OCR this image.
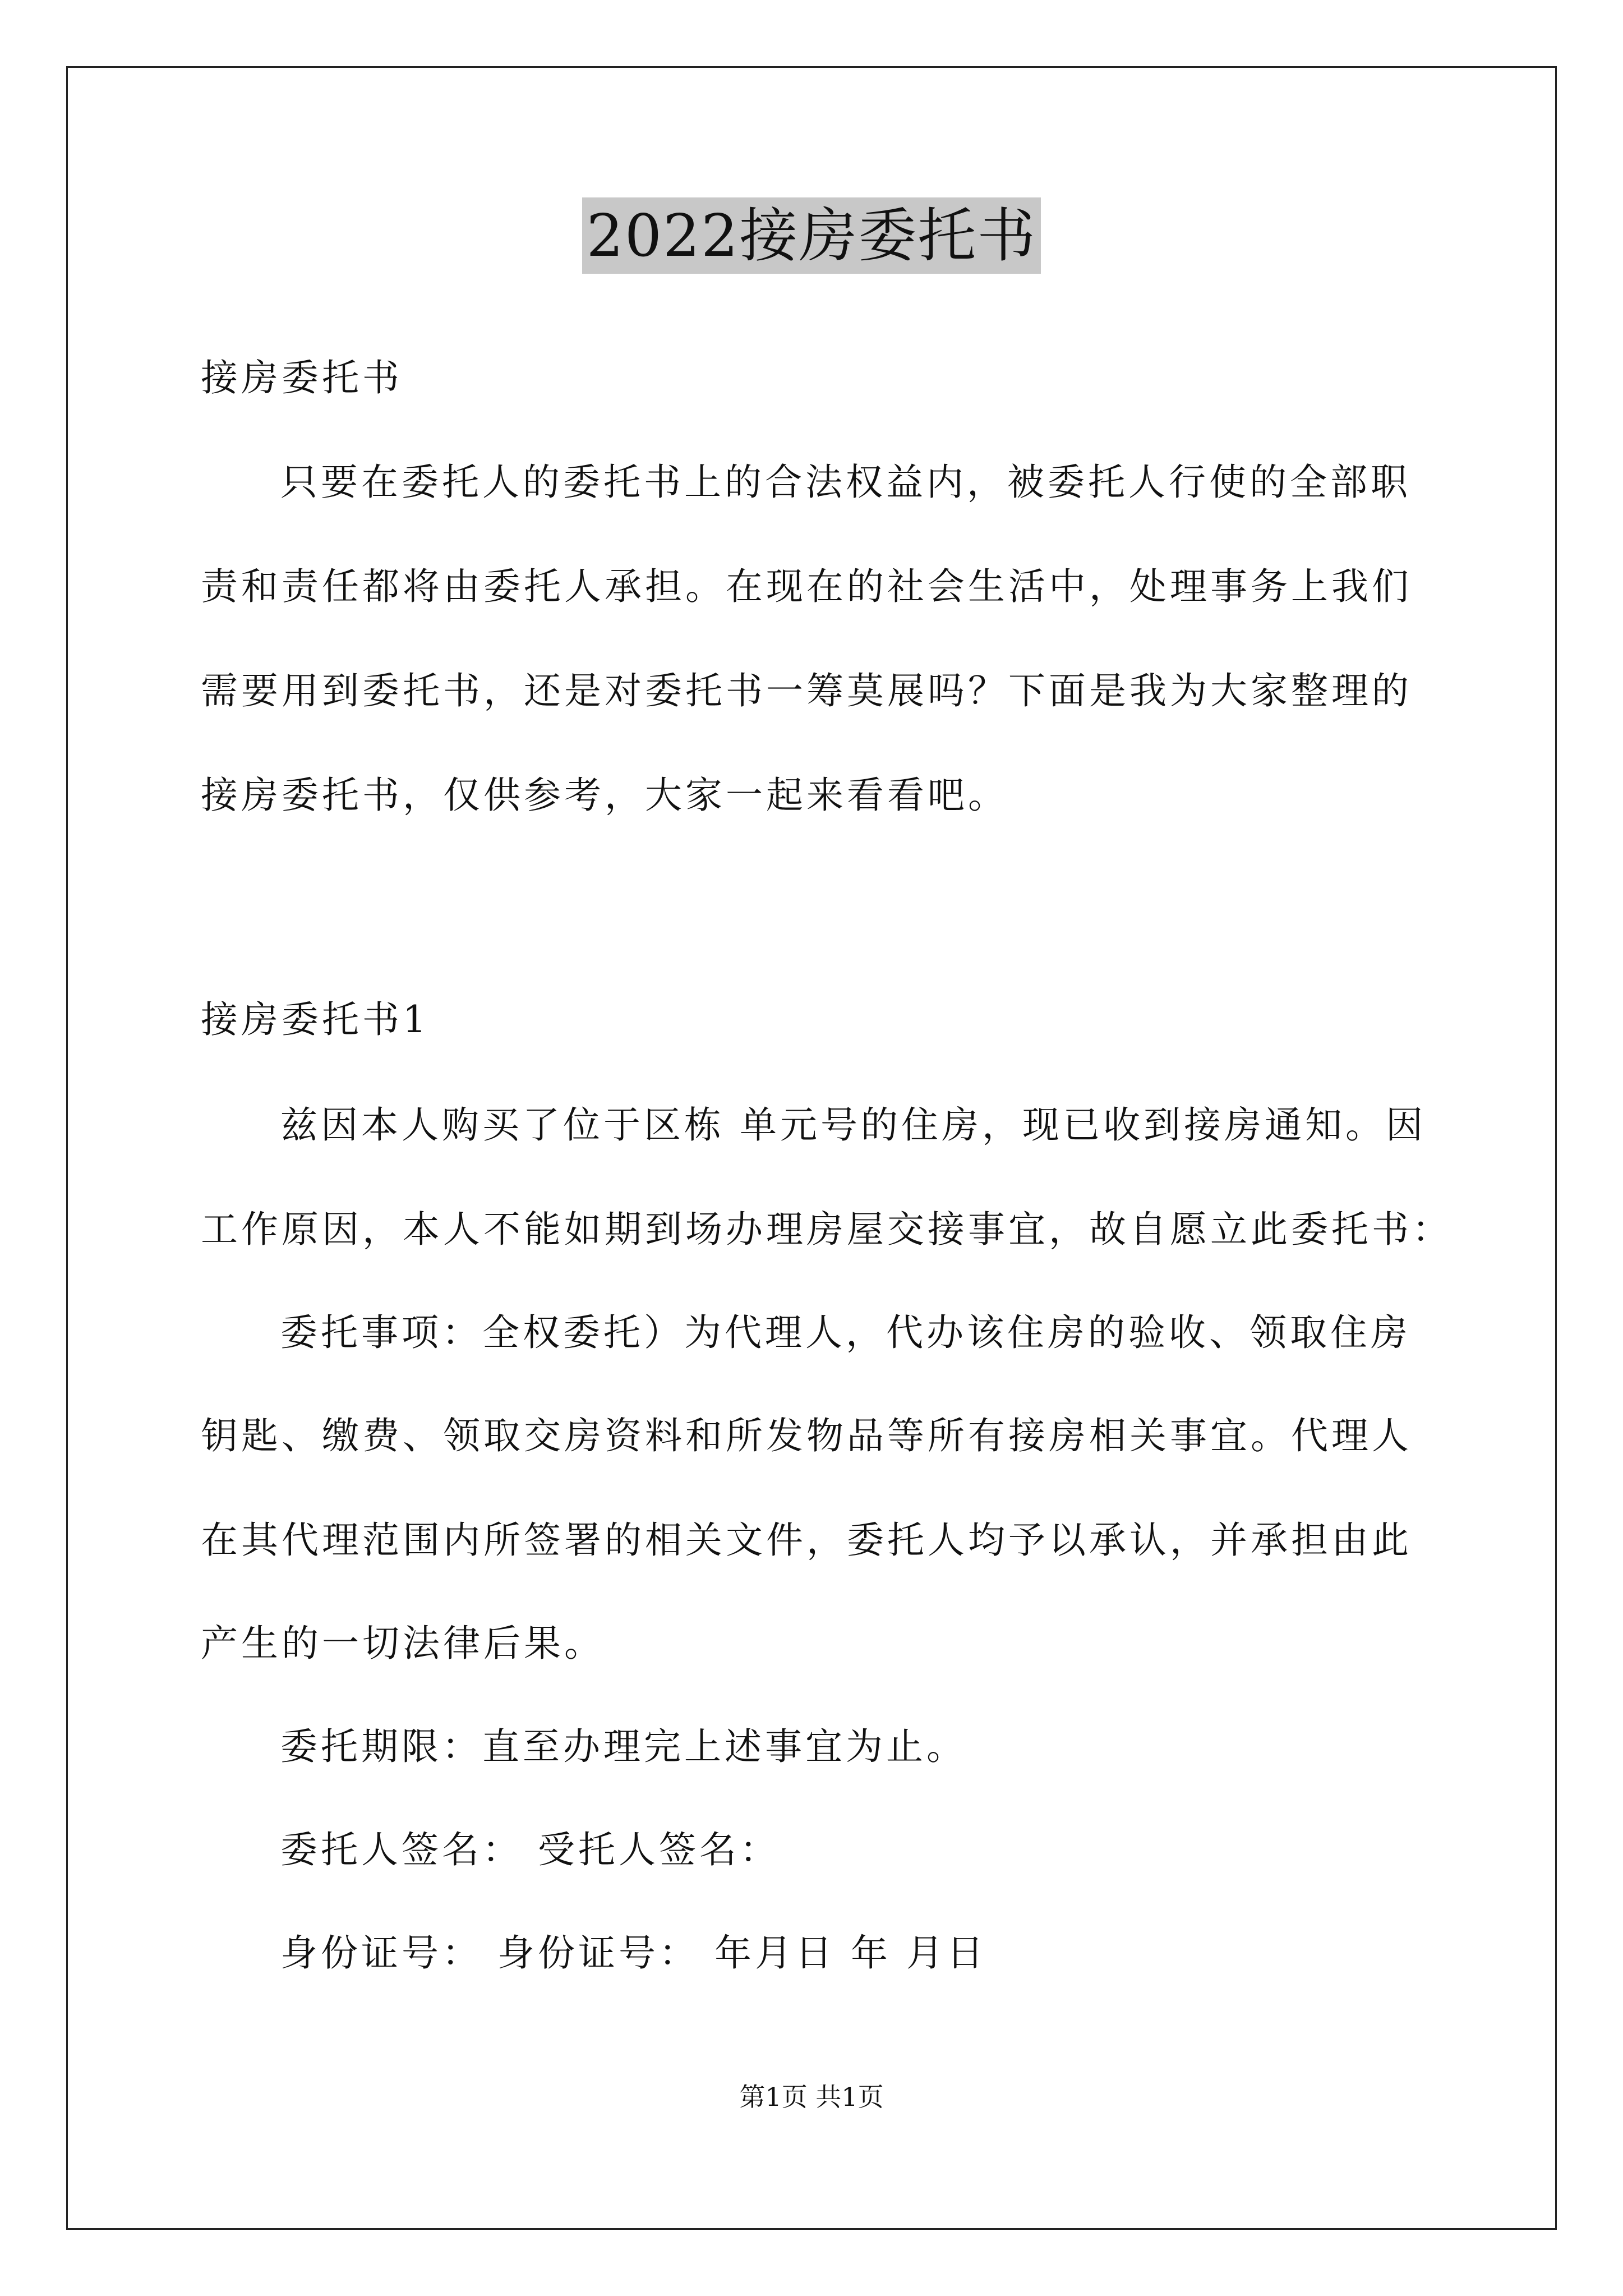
2022接房委托书
接房委托书
只要在委托人的委托书上的合法权益内，被委托人行使的全部职
责和责任都将由委托人承担。在现在的社会生活中，处理事务上我们
需要用到委托书，还是对委托书一筹莫展吗？下面是我为大家整理的
接房委托书，仅供参考，大家一起来看看吧。
接房委托书1
兹因本人购买了位于区栋 单元号的住房，现已收到接房通知。因
工作原因，本人不能如期到场办理房屋交接事宜，故自愿立此委托书：
委托事项：全权委托）为代理人，代办该住房的验收、领取住房
钥匙、缴费、领取交房资料和所发物品等所有接房相关事宜。代理人
在其代理范围内所签署的相关文件，委托人均予以承认，并承担由此
产生的一切法律后果。
委托期限：直至办理完上述事宜为止。
委托人签名： 受托人签名：
身份证号： 身份证号： 年月日 年 月日
第1页 共1页
